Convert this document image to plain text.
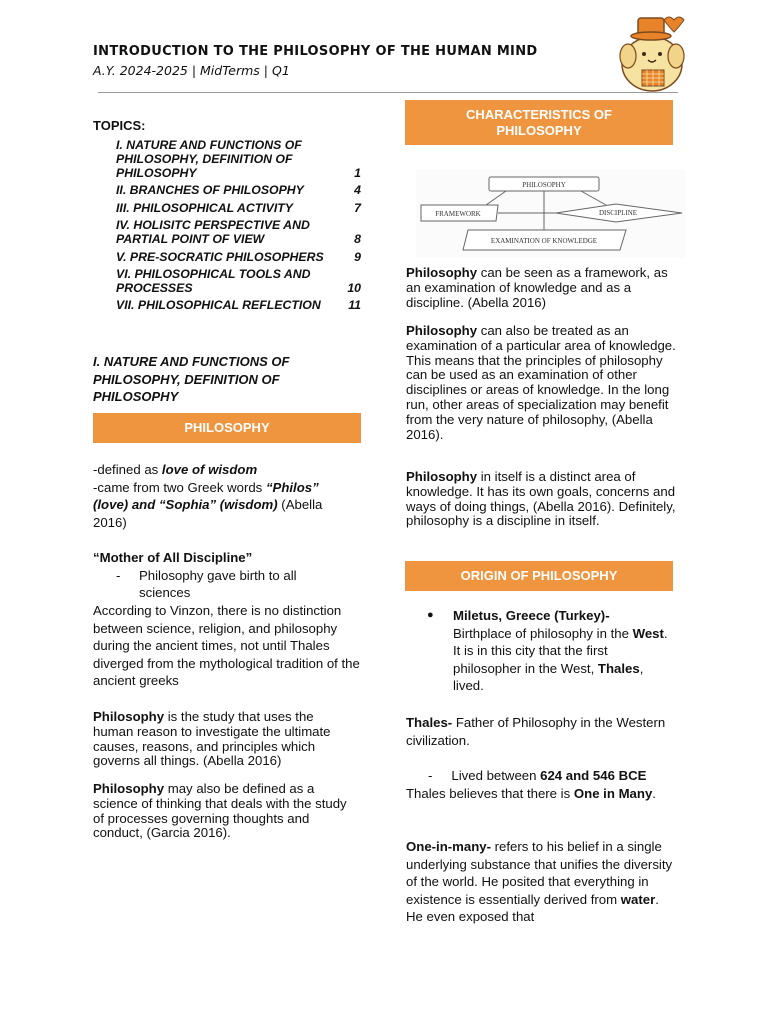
INTRODUCTION TO THE PHILOSOPHY OF THE HUMAN MIND
A.Y. 2024-2025 | MidTerms | Q1
TOPICS:
I. NATURE AND FUNCTIONS OF PHILOSOPHY, DEFINITION OF PHILOSOPHY	1
II. BRANCHES OF PHILOSOPHY	4
III. PHILOSOPHICAL ACTIVITY	7
IV. HOLISITC PERSPECTIVE AND PARTIAL POINT OF VIEW	8
V. PRE-SOCRATIC PHILOSOPHERS	9
VI. PHILOSOPHICAL TOOLS AND PROCESSES	10
VII. PHILOSOPHICAL REFLECTION	11
I. NATURE AND FUNCTIONS OF PHILOSOPHY, DEFINITION OF PHILOSOPHY
PHILOSOPHY
-defined as love of wisdom
-came from two Greek words “Philos” (love) and “Sophia” (wisdom) (Abella 2016)
“Mother of All Discipline”
- Philosophy gave birth to all sciences
According to Vinzon, there is no distinction between science, religion, and philosophy during the ancient times, not until Thales diverged from the mythological tradition of the ancient greeks
Philosophy is the study that uses the human reason to investigate the ultimate causes, reasons, and principles which governs all things. (Abella 2016)
Philosophy may also be defined as a science of thinking that deals with the study of processes governing thoughts and conduct, (Garcia 2016).
CHARACTERISTICS OF PHILOSOPHY
PHILOSOPHY
FRAMEWORK	DISCIPLINE
EXAMINATION OF KNOWLEDGE
Philosophy can be seen as a framework, as an examination of knowledge and as a discipline. (Abella 2016)
Philosophy can also be treated as an examination of a particular area of knowledge. This means that the principles of philosophy can be used as an examination of other disciplines or areas of knowledge. In the long run, other areas of specialization may benefit from the very nature of philosophy, (Abella 2016).
Philosophy in itself is a distinct area of knowledge. It has its own goals, concerns and ways of doing things, (Abella 2016). Definitely, philosophy is a discipline in itself.
ORIGIN OF PHILOSOPHY
● Miletus, Greece (Turkey)-
Birthplace of philosophy in the West. It is in this city that the first philosopher in the West, Thales, lived.
Thales- Father of Philosophy in the Western civilization.
- Lived between 624 and 546 BCE
Thales believes that there is One in Many.
One-in-many- refers to his belief in a single underlying substance that unifies the diversity of the world. He posited that everything in existence is essentially derived from water. He even exposed that
